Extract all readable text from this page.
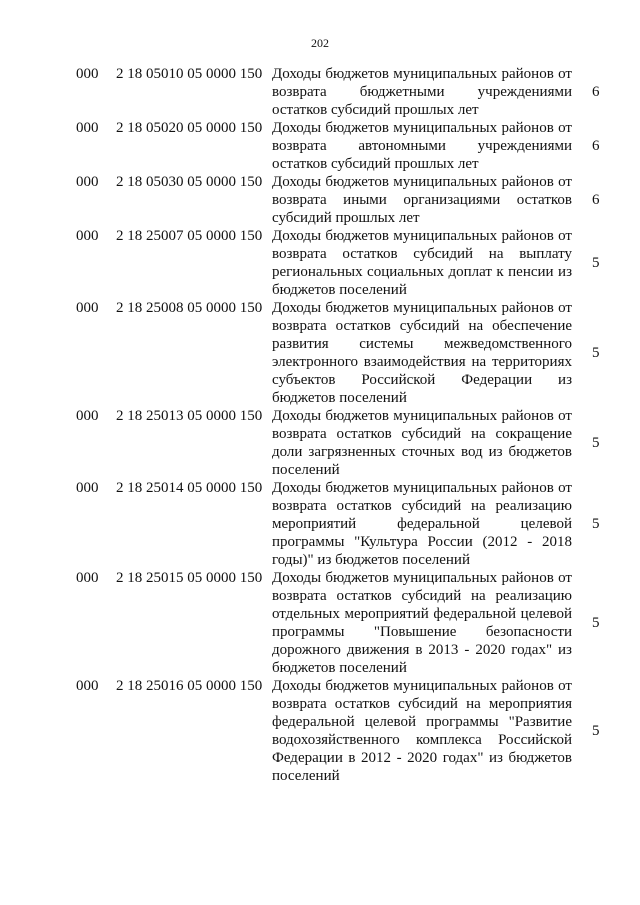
202
000 2 18 05010 05 0000 150 Доходы бюджетов муниципальных районов от возврата бюджетными учреждениями остатков субсидий прошлых лет
6
000 2 18 05020 05 0000 150 Доходы бюджетов муниципальных районов от возврата автономными учреждениями остатков субсидий прошлых лет
6
000 2 18 05030 05 0000 150 Доходы бюджетов муниципальных районов от возврата иными организациями остатков субсидий прошлых лет
6
000 2 18 25007 05 0000 150 Доходы бюджетов муниципальных районов от возврата остатков субсидий на выплату региональных социальных доплат к пенсии из бюджетов поселений
5
000 2 18 25008 05 0000 150 Доходы бюджетов муниципальных районов от возврата остатков субсидий на обеспечение развития системы межведомственного электронного взаимодействия на территориях субъектов Российской Федерации из бюджетов поселений
5
000 2 18 25013 05 0000 150 Доходы бюджетов муниципальных районов от возврата остатков субсидий на сокращение доли загрязненных сточных вод из бюджетов поселений
5
000 2 18 25014 05 0000 150 Доходы бюджетов муниципальных районов от возврата остатков субсидий на реализацию мероприятий федеральной целевой программы "Культура России (2012 - 2018 годы)" из бюджетов поселений
5
000 2 18 25015 05 0000 150 Доходы бюджетов муниципальных районов от возврата остатков субсидий на реализацию отдельных мероприятий федеральной целевой программы "Повышение безопасности дорожного движения в 2013 - 2020 годах" из бюджетов поселений
5
000 2 18 25016 05 0000 150 Доходы бюджетов муниципальных районов от возврата остатков субсидий на мероприятия федеральной целевой программы "Развитие водохозяйственного комплекса Российской Федерации в 2012 - 2020 годах" из бюджетов поселений
5
